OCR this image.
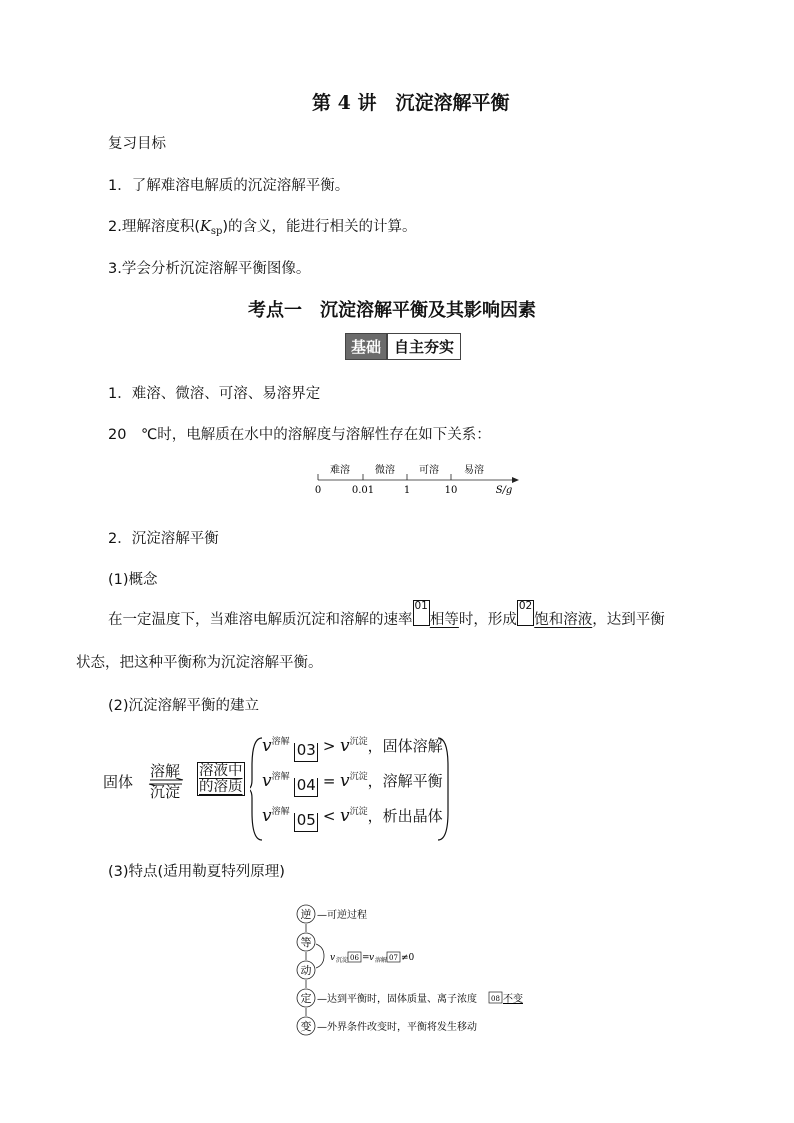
第 4 讲　沉淀溶解平衡
复习目标
1．了解难溶电解质的沉淀溶解平衡。
2.理解溶度积$(K_{sp})$的含义，能进行相关的计算。
3.学会分析沉淀溶解平衡图像。
考点一　沉淀溶解平衡及其影响因素
基础 自主夯实
1．难溶、微溶、可溶、易溶界定
20　℃时，电解质在水中的溶解度与溶解性存在如下关系：
难溶	微溶 可溶	易溶
0	0.01	1	10	S/g
2．沉淀溶解平衡
(1)概念
在一定温度下，当难溶电解质沉淀和溶解的速率01相等时，形成02饱和溶液，达到平衡
状态，把这种平衡称为沉淀溶解平衡。
(2)沉淀溶解平衡的建立
固体
溶解
沉淀
溶液中
的溶质
$v^{溶解}$ $03 > v^{沉淀}$，固体溶解
$v^{溶解}$ $04 = v^{沉淀}$，溶解平衡
$v^{溶解}$ $05 < v^{沉淀}$，析出晶体
(3)特点(适用勒夏特列原理)
逆
等
动
定
变
—可逆过程
v 沉淀 06 = v 溶解 07 ≠0
—达到平衡时，固体质量、离子浓度 08 不变
—外界条件改变时，平衡将发生移动
